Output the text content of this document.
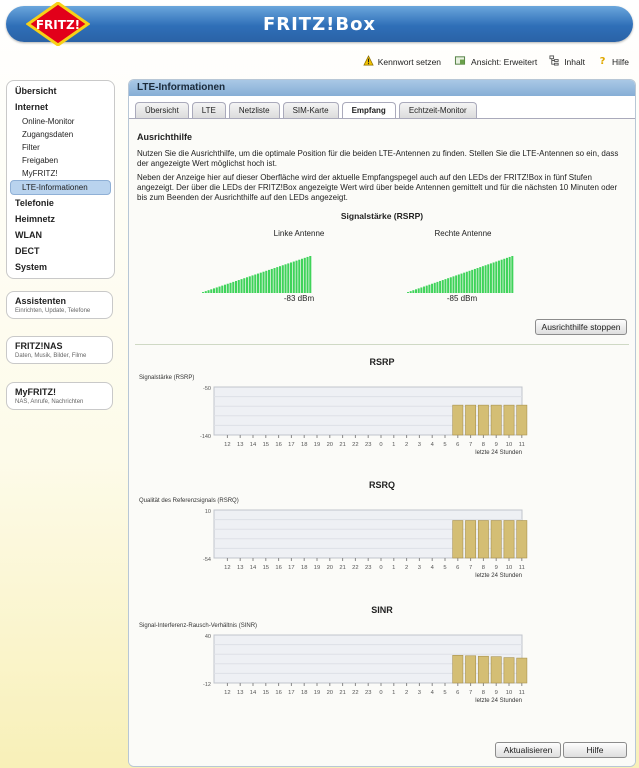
FRITZ!Box
FRITZ!
Kennwort setzen	Ansicht: Erweitert	Inhalt ? Hilfe
Übersicht
Internet
Online-Monitor
Zugangsdaten
Filter
Freigaben
MyFRITZ!
LTE-Informationen
Telefonie
Heimnetz
WLAN
DECT
System
Assistenten
Einrichten, Update, Telefone
FRITZ!NAS
Daten, Musik, Bilder, Filme
MyFRITZ!
NAS, Anrufe, Nachrichten
LTE-Informationen
Übersicht	LTE	Netzliste	SIM-Karte	Empfang	Echtzeit-Monitor
Ausrichthilfe
Nutzen Sie die Ausrichthilfe, um die optimale Position für die beiden LTE-Antennen zu finden. Stellen Sie die LTE-Antennen so ein, dass der angezeigte Wert möglichst hoch ist.
Neben der Anzeige hier auf dieser Oberfläche wird der aktuelle Empfangspegel auch auf den LEDs der FRITZ!Box in fünf Stufen angezeigt. Der über die LEDs der FRITZ!Box angezeigte Wert wird über beide Antennen gemittelt und für die nächsten 10 Minuten oder bis zum Beenden der Ausrichthilfe auf den LEDs angezeigt.
Signalstärke (RSRP)
Linke Antenne	Rechte Antenne
-83 dBm	-85 dBm
Ausrichthilfe stoppen
RSRP
Signalstärke (RSRP)
-50
-140
12 13 14 15 16 17 18 19 20 21 22 23 0 1 2 3 4 5 6 7 8 9 10 11
letzte 24 Stunden
RSRQ
Qualität des Referenzsignals (RSRQ)
10
-54
12 13 14 15 16 17 18 19 20 21 22 23 0 1 2 3 4 5 6 7 8 9 10 11
letzte 24 Stunden
SINR
Signal-Interferenz-Rausch-Verhältnis (SINR)
40
-12
12 13 14 15 16 17 18 19 20 21 22 23 0 1 2 3 4 5 6 7 8 9 10 11
letzte 24 Stunden
Aktualisieren	Hilfe
